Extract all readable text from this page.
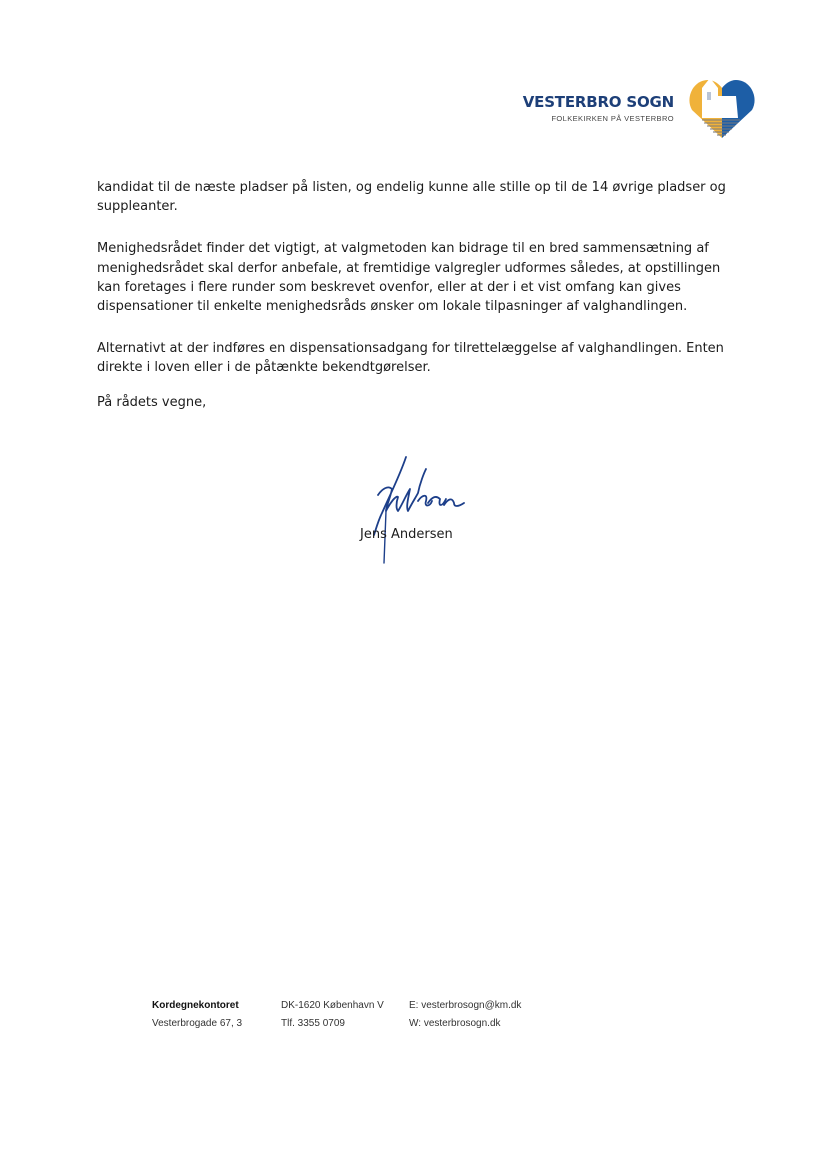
VESTERBRO SOGN
FOLKEKIRKEN PÅ VESTERBRO

kandidat til de næste pladser på listen, og endelig kunne alle stille op til de 14 øvrige pladser og suppleanter.

Menighedsrådet finder det vigtigt, at valgmetoden kan bidrage til en bred sammensætning af menighedsrådet skal derfor anbefale, at fremtidige valgregler udformes således, at opstillingen kan foretages i flere runder som beskrevet ovenfor, eller at der i et vist omfang kan gives dispensationer til enkelte menighedsråds ønsker om lokale tilpasninger af valghandlingen.

Alternativt at der indføres en dispensationsadgang for tilrettelæggelse af valghandlingen. Enten direkte i loven eller i de påtænkte bekendtgørelser.

På rådets vegne,
Jens Andersen
Kordegnekontoret
Vesterbrogade 67, 3
DK-1620 København V
Tlf. 3355 0709
E: vesterbrosogn@km.dk
W: vesterbrosogn.dk
